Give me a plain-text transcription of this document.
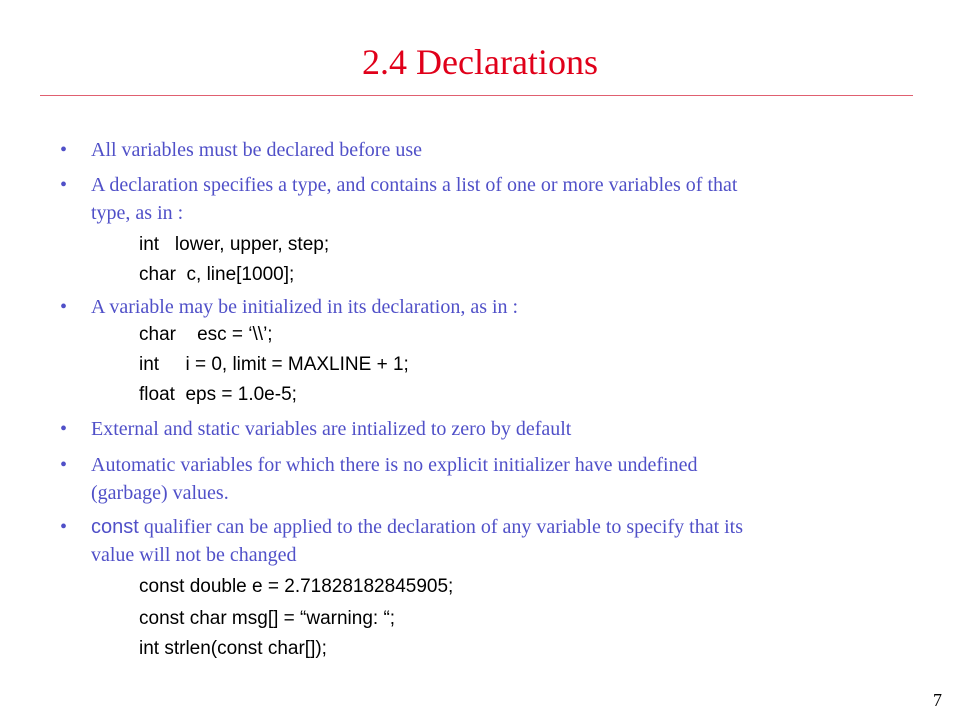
2.4 Declarations
• All variables must be declared before use
• A declaration specifies a type, and contains a list of one or more variables of that
type, as in :
int   lower, upper, step;
char  c, line[1000];
• A variable may be initialized in its declaration, as in :
char    esc = ‘\\’;
int     i = 0, limit = MAXLINE + 1;
float  eps = 1.0e-5;
• External and static variables are intialized to zero by default
• Automatic variables for which there is no explicit initializer have undefined
(garbage) values.
• const qualifier can be applied to the declaration of any variable to specify that its
value will not be changed
const double e = 2.71828182845905;
const char msg[] = “warning: “;
int strlen(const char[]);
7
